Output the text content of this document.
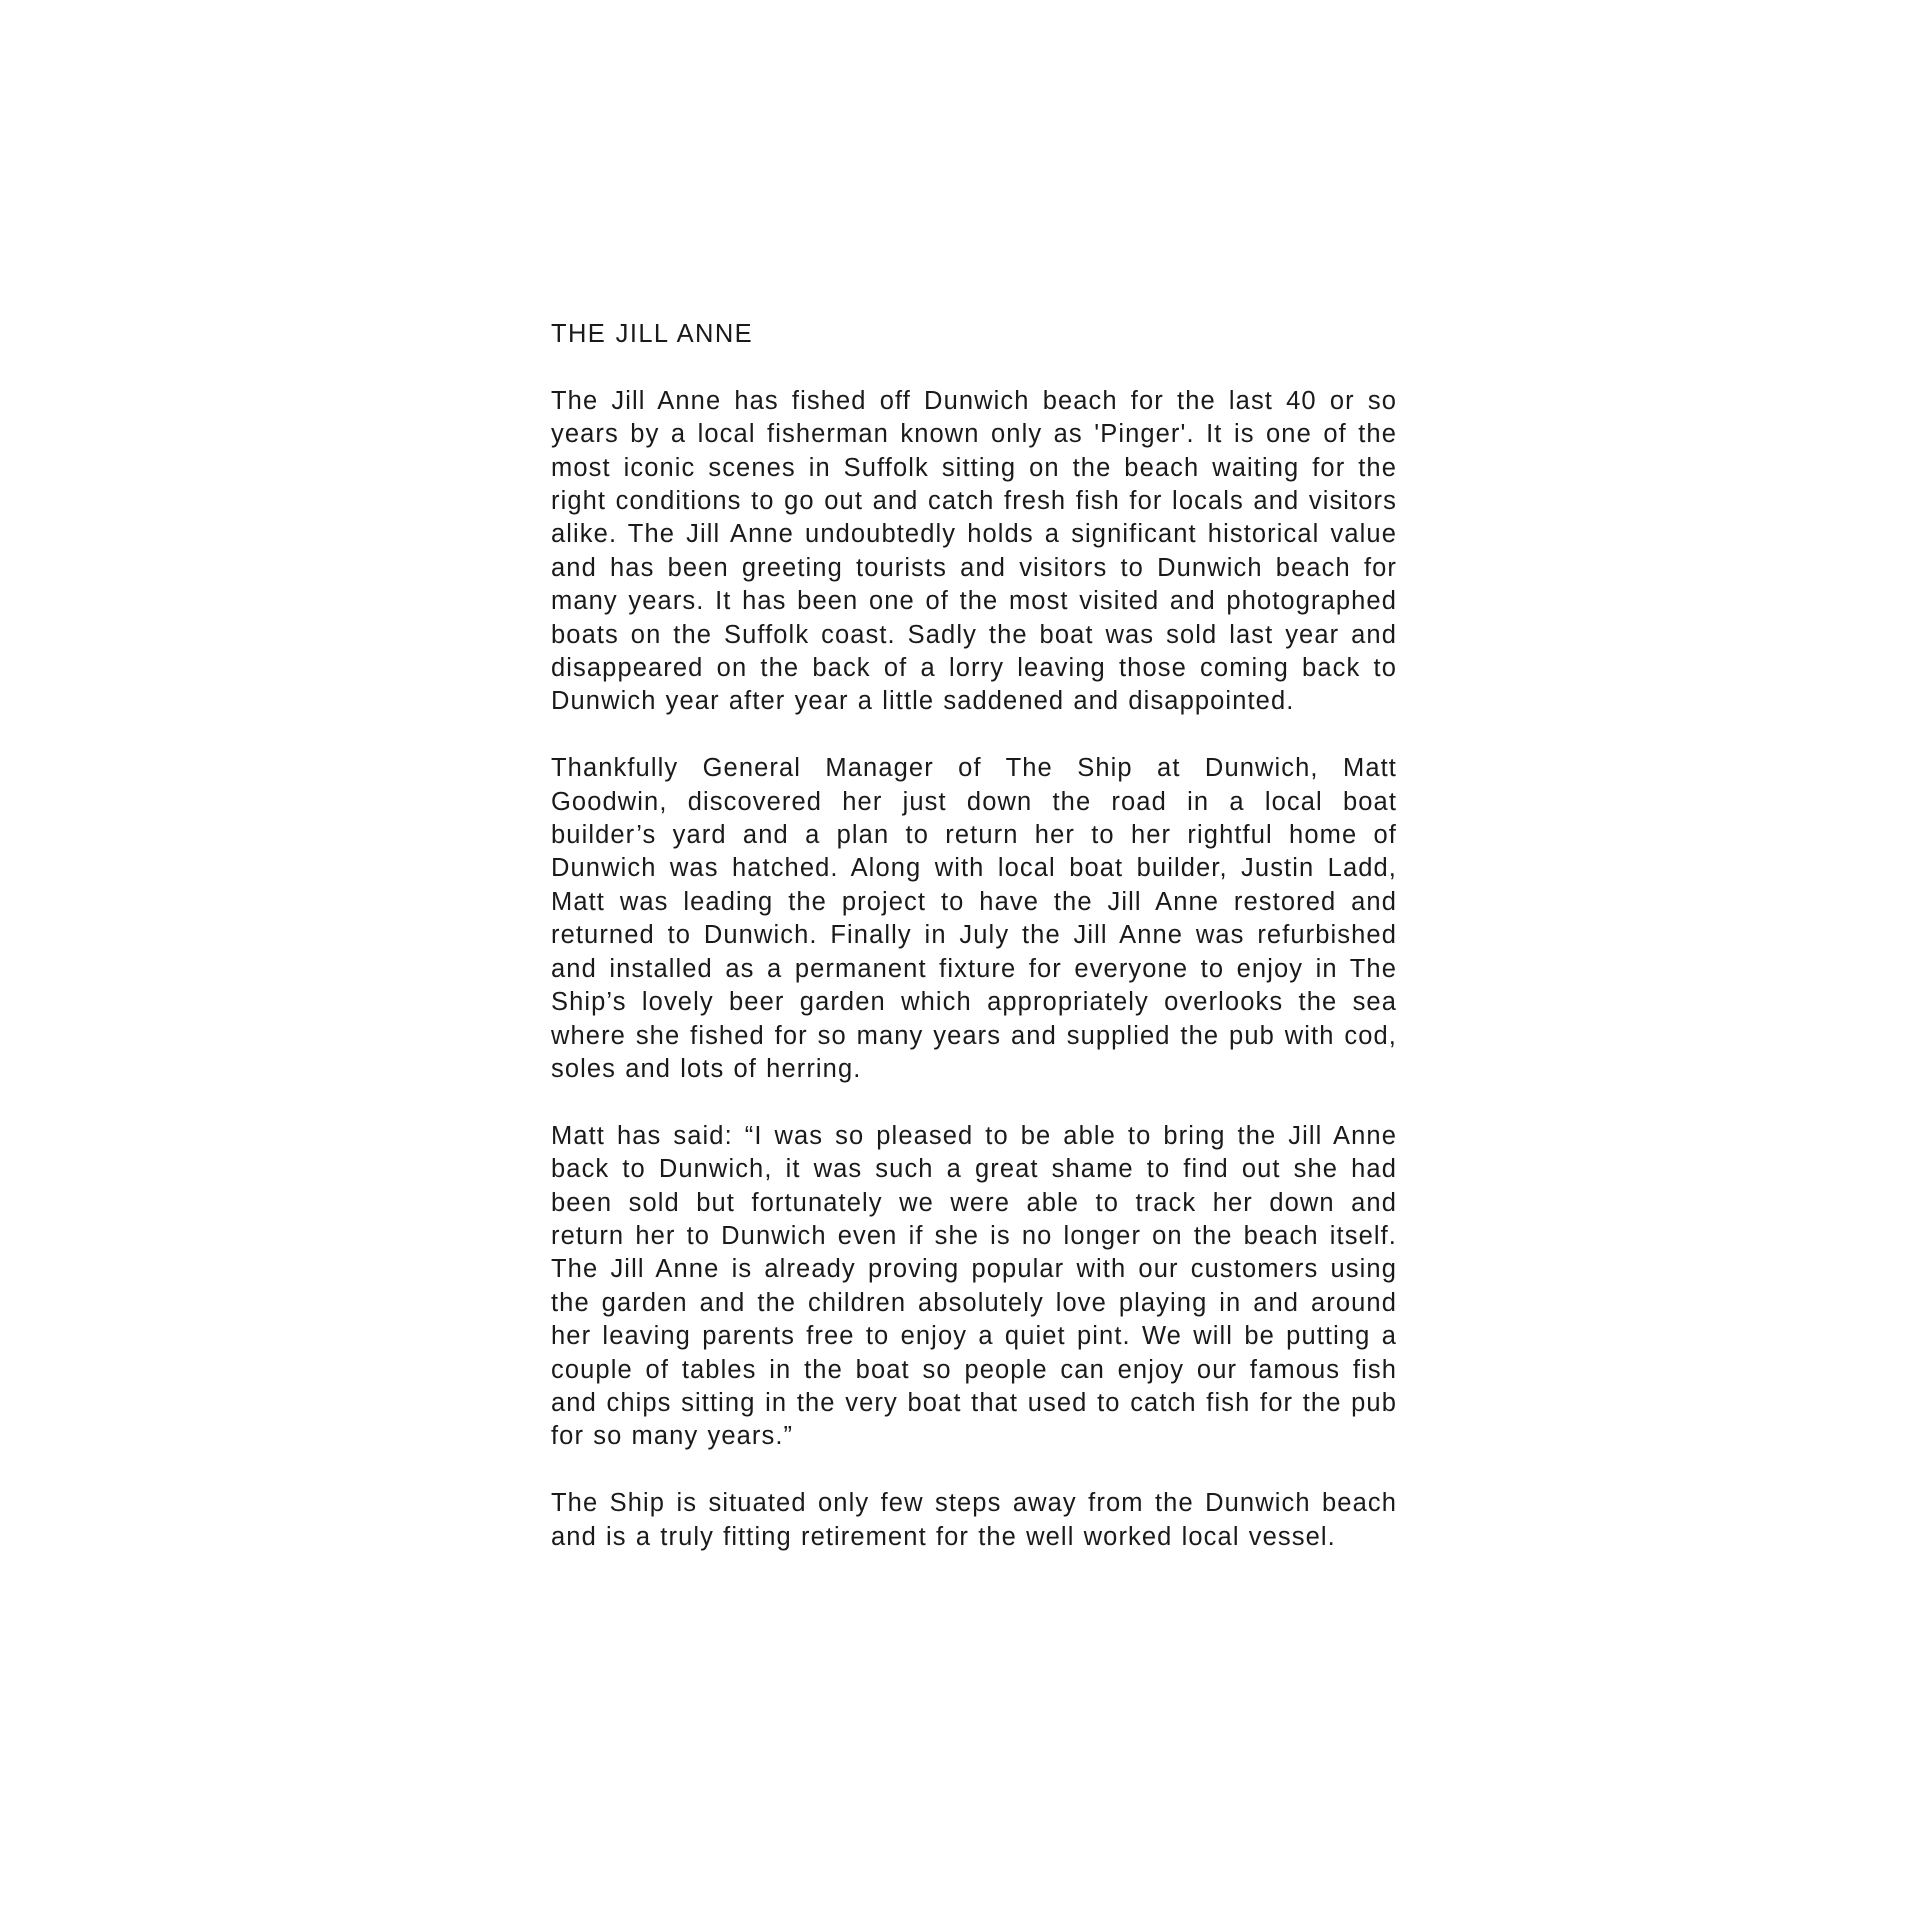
THE JILL ANNE

The Jill Anne has fished off Dunwich beach for the last 40 or so years by a local fisherman known only as 'Pinger'. It is one of the most iconic scenes in Suffolk sitting on the beach waiting for the right conditions to go out and catch fresh fish for locals and visitors alike. The Jill Anne undoubtedly holds a significant historical value and has been greeting tourists and visitors to Dunwich beach for many years. It has been one of the most visited and photographed boats on the Suffolk coast. Sadly the boat was sold last year and disappeared on the back of a lorry leaving those coming back to Dunwich year after year a little saddened and disappointed.

Thankfully General Manager of The Ship at Dunwich, Matt Goodwin, discovered her just down the road in a local boat builder’s yard and a plan to return her to her rightful home of Dunwich was hatched. Along with local boat builder, Justin Ladd, Matt was leading the project to have the Jill Anne restored and returned to Dunwich. Finally in July the Jill Anne was refurbished and installed as a permanent fixture for everyone to enjoy in The Ship’s lovely beer garden which appropriately overlooks the sea where she fished for so many years and supplied the pub with cod, soles and lots of herring.

Matt has said: “I was so pleased to be able to bring the Jill Anne back to Dunwich, it was such a great shame to find out she had been sold but fortunately we were able to track her down and return her to Dunwich even if she is no longer on the beach itself. The Jill Anne is already proving popular with our customers using the garden and the children absolutely love playing in and around her leaving parents free to enjoy a quiet pint. We will be putting a couple of tables in the boat so people can enjoy our famous fish and chips sitting in the very boat that used to catch fish for the pub for so many years.”

The Ship is situated only few steps away from the Dunwich beach and is a truly fitting retirement for the well worked local vessel.
